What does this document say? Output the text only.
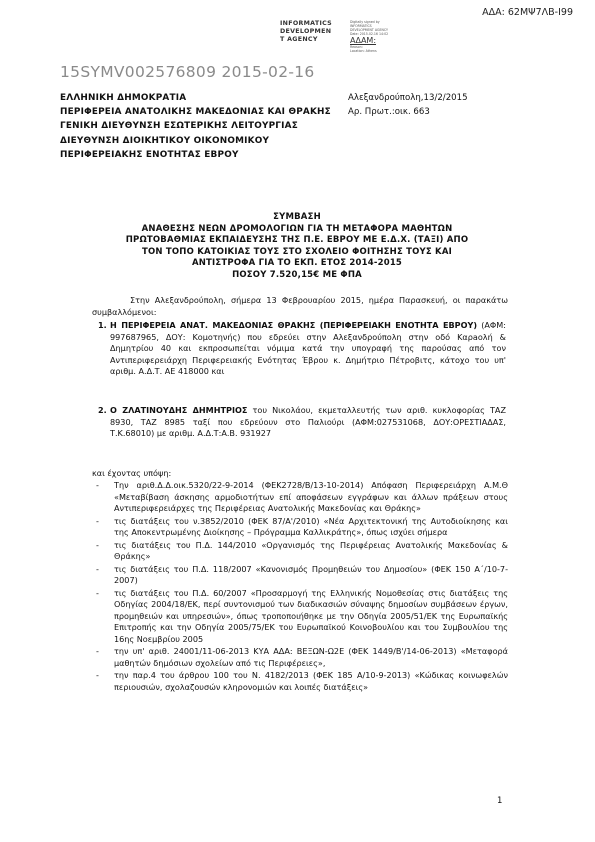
ΑΔΑ: 62ΜΨ7ΛΒ-Ι99
INFORMATICS
DEVELOPMEN
T AGENCY
Digitally signed by
INFORMATICS
DEVELOPMENT AGENCY
Date: 2015.02.16 14:02
ΑΔΑΜ:
Reason:
Location: Athens
15SYMV002576809 2015-02-16
ΕΛΛΗΝΙΚΗ ΔΗΜΟΚΡΑΤΙΑ
ΠΕΡΙΦΕΡΕΙΑ ΑΝΑΤΟΛΙΚΗΣ ΜΑΚΕΔΟΝΙΑΣ ΚΑΙ ΘΡΑΚΗΣ
ΓΕΝΙΚΗ ΔΙΕΥΘΥΝΣΗ ΕΣΩΤΕΡΙΚΗΣ ΛΕΙΤΟΥΡΓΙΑΣ
ΔΙΕΥΘΥΝΣΗ ΔΙΟΙΚΗΤΙΚΟΥ ΟΙΚΟΝΟΜΙΚΟΥ
ΠΕΡΙΦΕΡΕΙΑΚΗΣ ΕΝΟΤΗΤΑΣ ΕΒΡΟΥ
Αλεξανδρούπολη,13/2/2015
Αρ. Πρωτ.:οικ. 663
ΣΥΜΒΑΣΗ
ΑΝΑΘΕΣΗΣ ΝΕΩΝ ΔΡΟΜΟΛΟΓΙΩΝ ΓΙΑ ΤΗ ΜΕΤΑΦΟΡΑ ΜΑΘΗΤΩΝ
ΠΡΩΤΟΒΑΘΜΙΑΣ ΕΚΠΑΙΔΕΥΣΗΣ ΤΗΣ Π.Ε. ΕΒΡΟΥ ΜΕ Ε.Δ.Χ. (ΤΑΞΙ) ΑΠΟ
ΤΟΝ ΤΟΠΟ ΚΑΤΟΙΚΙΑΣ ΤΟΥΣ ΣΤΟ ΣΧΟΛΕΙΟ ΦΟΙΤΗΣΗΣ ΤΟΥΣ ΚΑΙ
ΑΝΤΙΣΤΡΟΦΑ ΓΙΑ ΤΟ ΕΚΠ. ΕΤΟΣ 2014-2015
ΠΟΣΟΥ 7.520,15€ ΜΕ ΦΠΑ
Στην Αλεξανδρούπολη, σήμερα 13 Φεβρουαρίου 2015, ημέρα Παρασκευή, οι παρακάτω συμβαλλόμενοι:
1. Η ΠΕΡΙΦΕΡΕΙΑ ΑΝΑΤ. ΜΑΚΕΔΟΝΙΑΣ ΘΡΑΚΗΣ (ΠΕΡΙΦΕΡΕΙΑΚΗ ΕΝΟΤΗΤΑ ΕΒΡΟΥ) (ΑΦΜ: 997687965, ΔΟΥ: Κομοτηνής) που εδρεύει στην Αλεξανδρούπολη στην οδό Καρaολή & Δημητρίου 40 και εκπροσωπείται νόμιμα κατά την υπογραφή της παρούσας από τον Αντιπεριφερειάρχη Περιφερειακής Ενότητας Έβρου κ. Δημήτριο Πέτροβιτς, κάτοχο του υπ' αριθμ. Α.Δ.Τ. ΑΕ 418000 και
2. Ο ΖΛΑΤΙΝΟΥΔΗΣ ΔΗΜΗΤΡΙΟΣ του Νικολάου, εκμεταλλευτής των αριθ. κυκλοφορίας ΤΑΖ 8930, ΤΑΖ 8985 ταξί που εδρεύουν στο Παλιούρι (ΑΦΜ:027531068, ΔΟΥ:ΟΡΕΣΤΙΑΔΑΣ, Τ.Κ.68010) με αριθμ. Α.Δ.Τ:Α.Β. 931927
και έχοντας υπόψη:
- Την αριθ.Δ.Δ.οικ.5320/22-9-2014 (ΦΕΚ2728/Β/13-10-2014) Απόφαση Περιφερειάρχη Α.Μ.Θ «Μεταβίβαση άσκησης αρμοδιοτήτων επί αποφάσεων εγγράφων και άλλων πράξεων στους Αντιπεριφερειάρχες της Περιφέρειας Ανατολικής Μακεδονίας και Θράκης»
- τις διατάξεις του ν.3852/2010 (ΦΕΚ 87/Α'/2010) «Νέα Αρχιτεκτονική της Αυτοδιοίκησης και της Αποκεντρωμένης Διοίκησης – Πρόγραμμα Καλλικράτης», όπως ισχύει σήμερα
- τις διατάξεις του Π.Δ. 144/2010 «Οργανισμός της Περιφέρειας Ανατολικής Μακεδονίας & Θράκης»
- τις διατάξεις του Π.Δ. 118/2007 «Κανονισμός Προμηθειών του Δημοσίου» (ΦΕΚ 150 Α΄/10-7-2007)
- τις διατάξεις του Π.Δ. 60/2007 «Προσαρμογή της Ελληνικής Νομοθεσίας στις διατάξεις της Οδηγίας 2004/18/ΕΚ, περί συντονισμού των διαδικασιών σύναψης δημοσίων συμβάσεων έργων, προμηθειών και υπηρεσιών», όπως τροποποιήθηκε με την Οδηγία 2005/51/ΕΚ της Ευρωπαϊκής Επιτροπής και την Οδηγία 2005/75/ΕΚ του Ευρωπαϊκού Κοινοβουλίου και του Συμβουλίου της 16ης Νοεμβρίου 2005
- την υπ' αριθ. 24001/11-06-2013 ΚΥΑ ΑΔΑ: ΒΕΞΩΝ-Ω2Ε (ΦΕΚ 1449/Β'/14-06-2013) «Μεταφορά μαθητών δημόσιων σχολείων από τις Περιφέρειες»,
- την παρ.4 του άρθρου 100 του Ν. 4182/2013 (ΦΕΚ 185 Α/10-9-2013) «Κώδικας κοινωφελών περιουσιών, σχολαζουσών κληρονομιών και λοιπές διατάξεις»
1
